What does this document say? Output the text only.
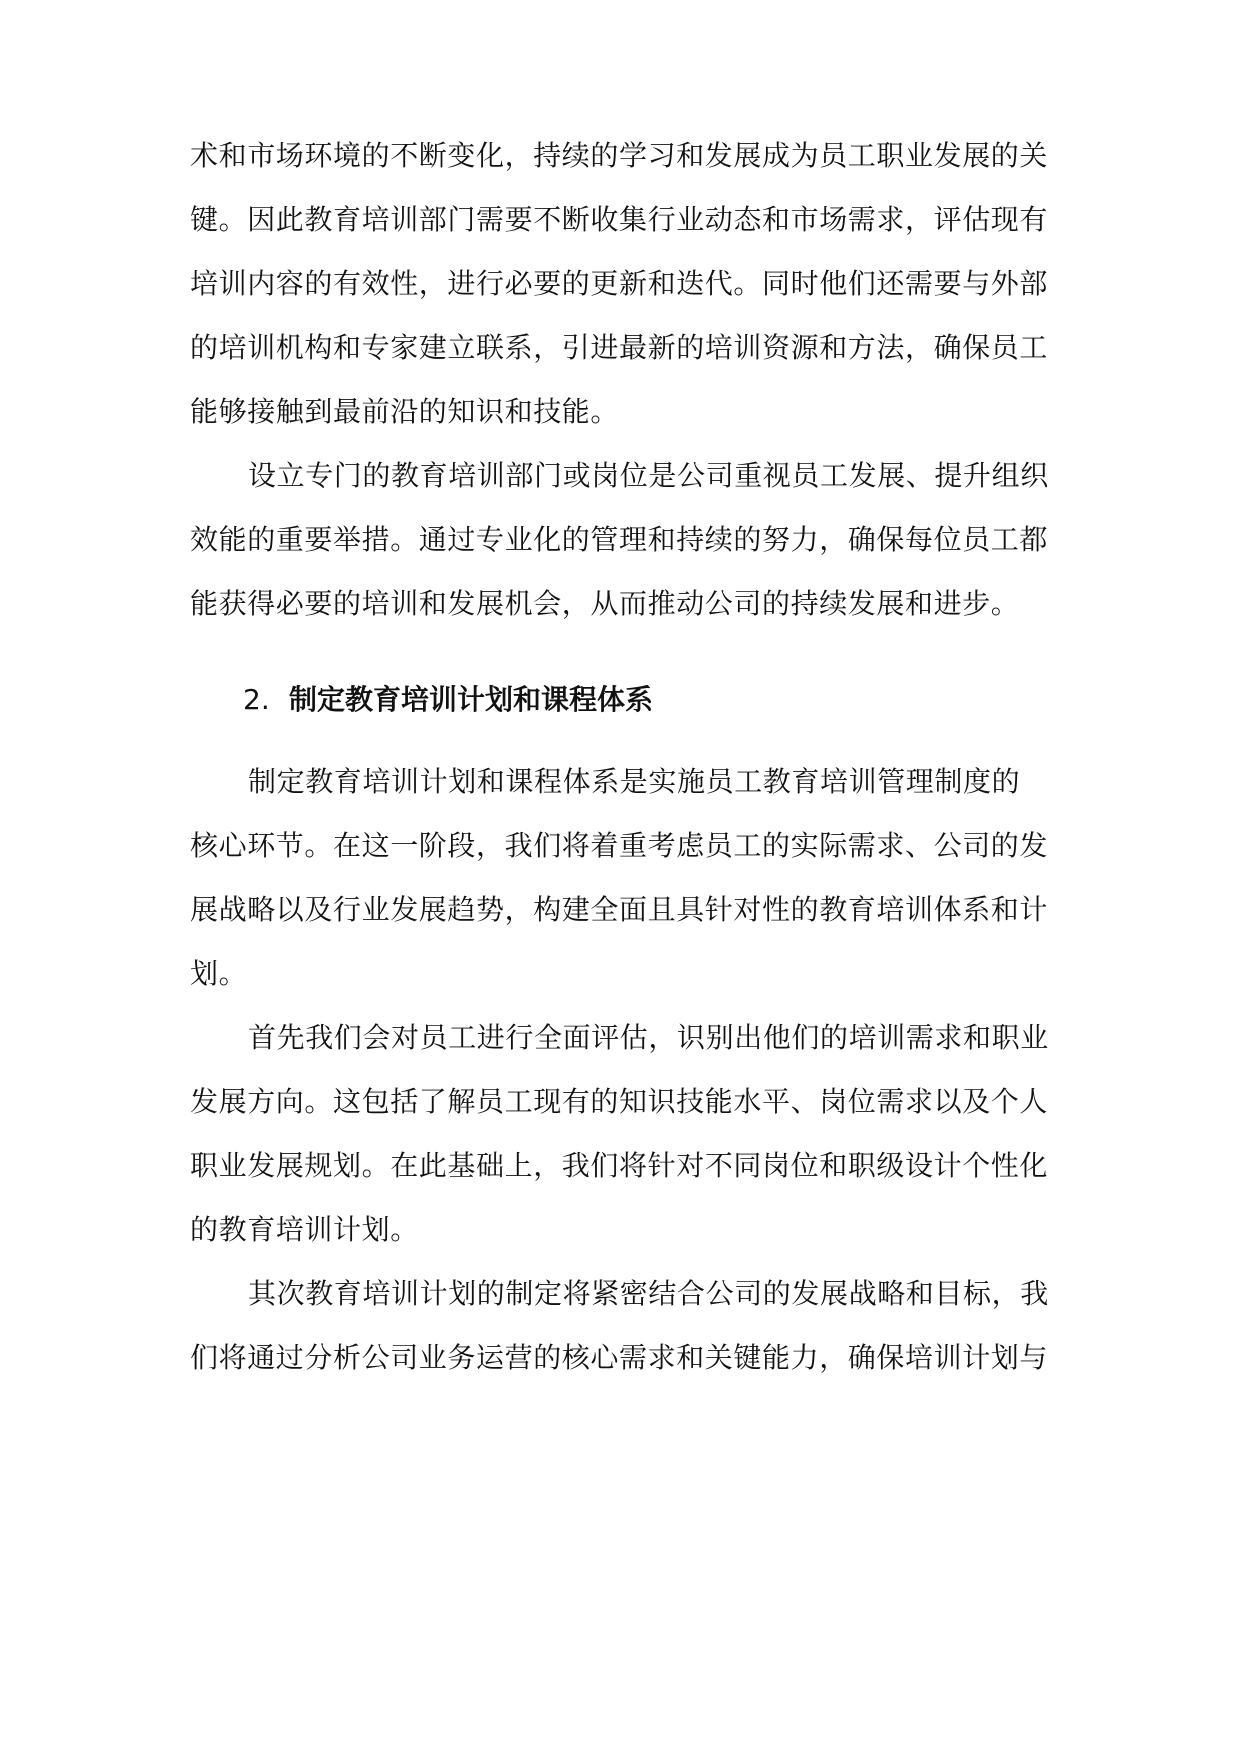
术和市场环境的不断变化，持续的学习和发展成为员工职业发展的关
键。因此教育培训部门需要不断收集行业动态和市场需求，评估现有
培训内容的有效性，进行必要的更新和迭代。同时他们还需要与外部
的培训机构和专家建立联系，引进最新的培训资源和方法，确保员工
能够接触到最前沿的知识和技能。
设立专门的教育培训部门或岗位是公司重视员工发展、提升组织
效能的重要举措。通过专业化的管理和持续的努力，确保每位员工都
能获得必要的培训和发展机会，从而推动公司的持续发展和进步。
2. 制定教育培训计划和课程体系
制定教育培训计划和课程体系是实施员工教育培训管理制度的
核心环节。在这一阶段，我们将着重考虑员工的实际需求、公司的发
展战略以及行业发展趋势，构建全面且具针对性的教育培训体系和计
划。
首先我们会对员工进行全面评估，识别出他们的培训需求和职业
发展方向。这包括了解员工现有的知识技能水平、岗位需求以及个人
职业发展规划。在此基础上，我们将针对不同岗位和职级设计个性化
的教育培训计划。
其次教育培训计划的制定将紧密结合公司的发展战略和目标，我
们将通过分析公司业务运营的核心需求和关键能力，确保培训计划与
